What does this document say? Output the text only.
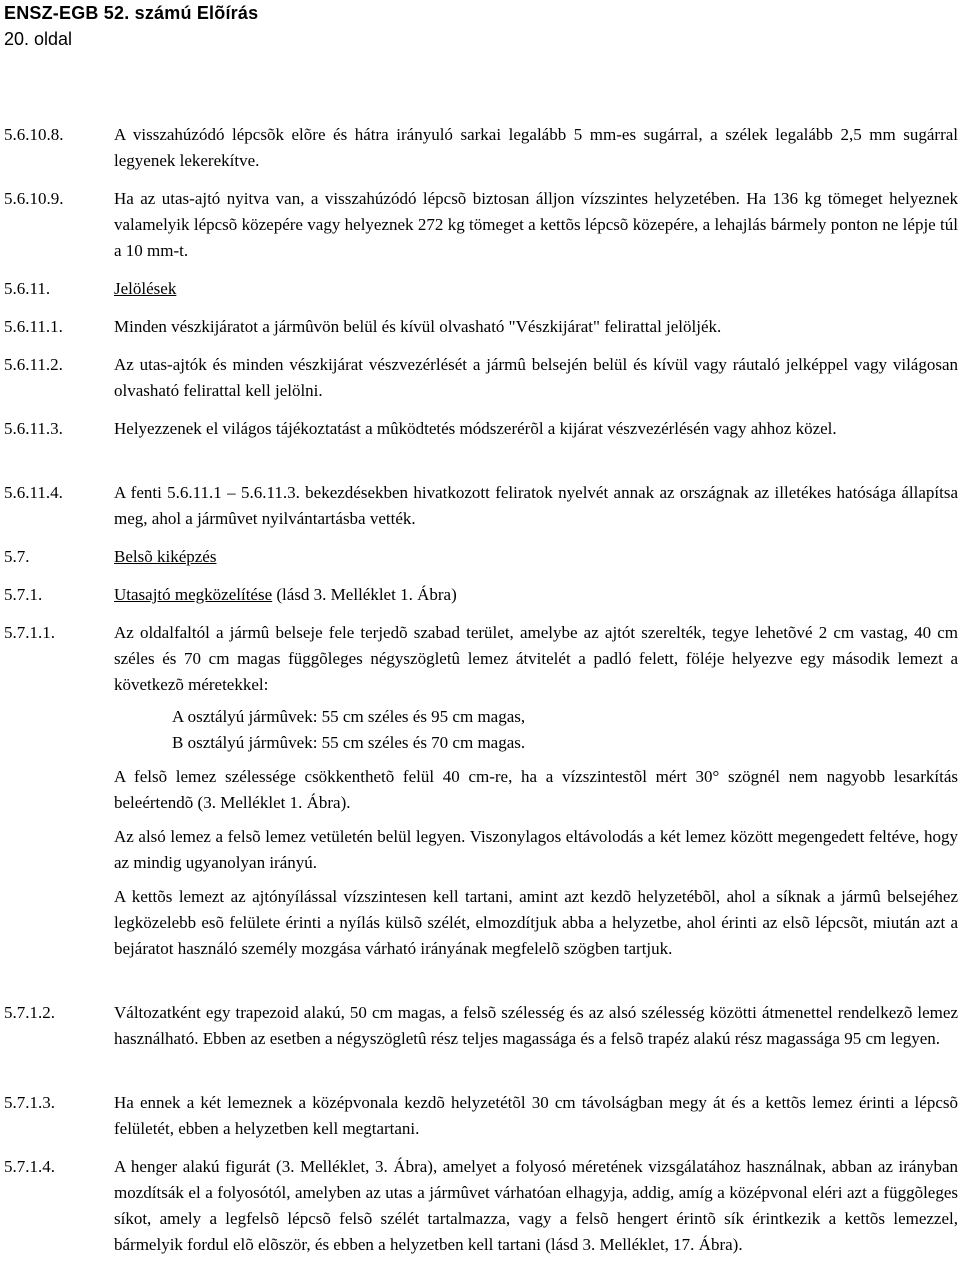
ENSZ-EGB 52. számú Elõírás
20. oldal
5.6.10.8.	A visszahúzódó lépcsõk elõre és hátra irányuló sarkai legalább 5 mm-es sugárral, a szélek legalább 2,5 mm sugárral legyenek lekerekítve.
5.6.10.9.	Ha az utas-ajtó nyitva van, a visszahúzódó lépcsõ biztosan álljon vízszintes helyzetében. Ha 136 kg tömeget helyeznek valamelyik lépcsõ közepére vagy helyeznek 272 kg tömeget a kettõs lépcsõ közepére, a lehajlás bármely ponton ne lépje túl a 10 mm-t.
5.6.11.	Jelölések
5.6.11.1.	Minden vészkijáratot a jármûvön belül és kívül olvasható "Vészkijárat" felirattal jelöljék.
5.6.11.2.	Az utas-ajtók és minden vészkijárat vészvezérlését a jármû belsején belül és kívül vagy ráutaló jelképpel vagy világosan olvasható felirattal kell jelölni.
5.6.11.3.	Helyezzenek el világos tájékoztatást a mûködtetés módszerérõl a kijárat vészvezérlésén vagy ahhoz közel.
5.6.11.4.	A fenti 5.6.11.1 – 5.6.11.3. bekezdésekben hivatkozott feliratok nyelvét annak az országnak az illetékes hatósága állapítsa meg, ahol a jármûvet nyilvántartásba vették.
5.7.	Belsõ kiképzés
5.7.1.	Utasajtó megközelítése (lásd 3. Melléklet 1. Ábra)
5.7.1.1.	Az oldalfaltól a jármû belseje fele terjedõ szabad terület, amelybe az ajtót szerelték, tegye lehetõvé 2 cm vastag, 40 cm széles és 70 cm magas függõleges négyszögletû lemez átvitelét a padló felett, föléje helyezve egy második lemezt a következõ méretekkel:
A osztályú jármûvek: 55 cm széles és 95 cm magas,
B osztályú jármûvek: 55 cm széles és 70 cm magas.
A felsõ lemez szélessége csökkenthetõ felül 40 cm-re, ha a vízszintestõl mért 30° szögnél nem nagyobb lesarkítás beleértendõ (3. Melléklet 1. Ábra).
Az alsó lemez a felsõ lemez vetületén belül legyen. Viszonylagos eltávolodás a két lemez között megengedett feltéve, hogy az mindig ugyanolyan irányú.
A kettõs lemezt az ajtónyílással vízszintesen kell tartani, amint azt kezdõ helyzetébõl, ahol a síknak a jármû belsejéhez legközelebb esõ felülete érinti a nyílás külsõ szélét, elmozdítjuk abba a helyzetbe, ahol érinti az elsõ lépcsõt, miután azt a bejáratot használó személy mozgása várható irányának megfelelõ szögben tartjuk.
5.7.1.2.	Változatként egy trapezoid alakú, 50 cm magas, a felsõ szélesség és az alsó szélesség közötti átmenettel rendelkezõ lemez használható. Ebben az esetben a négyszögletû rész teljes magassága és a felsõ trapéz alakú rész magassága 95 cm legyen.
5.7.1.3.	Ha ennek a két lemeznek a középvonala kezdõ helyzetétõl 30 cm távolságban megy át és a kettõs lemez érinti a lépcsõ felületét, ebben a helyzetben kell megtartani.
5.7.1.4.	A henger alakú figurát (3. Melléklet, 3. Ábra), amelyet a folyosó méretének vizsgálatához használnak, abban az irányban mozdítsák el a folyosótól, amelyben az utas a jármûvet várhatóan elhagyja, addig, amíg a középvonal eléri azt a függõleges síkot, amely a legfelsõ lépcsõ felsõ szélét tartalmazza, vagy a felsõ hengert érintõ sík érintkezik a kettõs lemezzel, bármelyik fordul elõ elõször, és ebben a helyzetben kell tartani (lásd 3. Melléklet, 17. Ábra).
